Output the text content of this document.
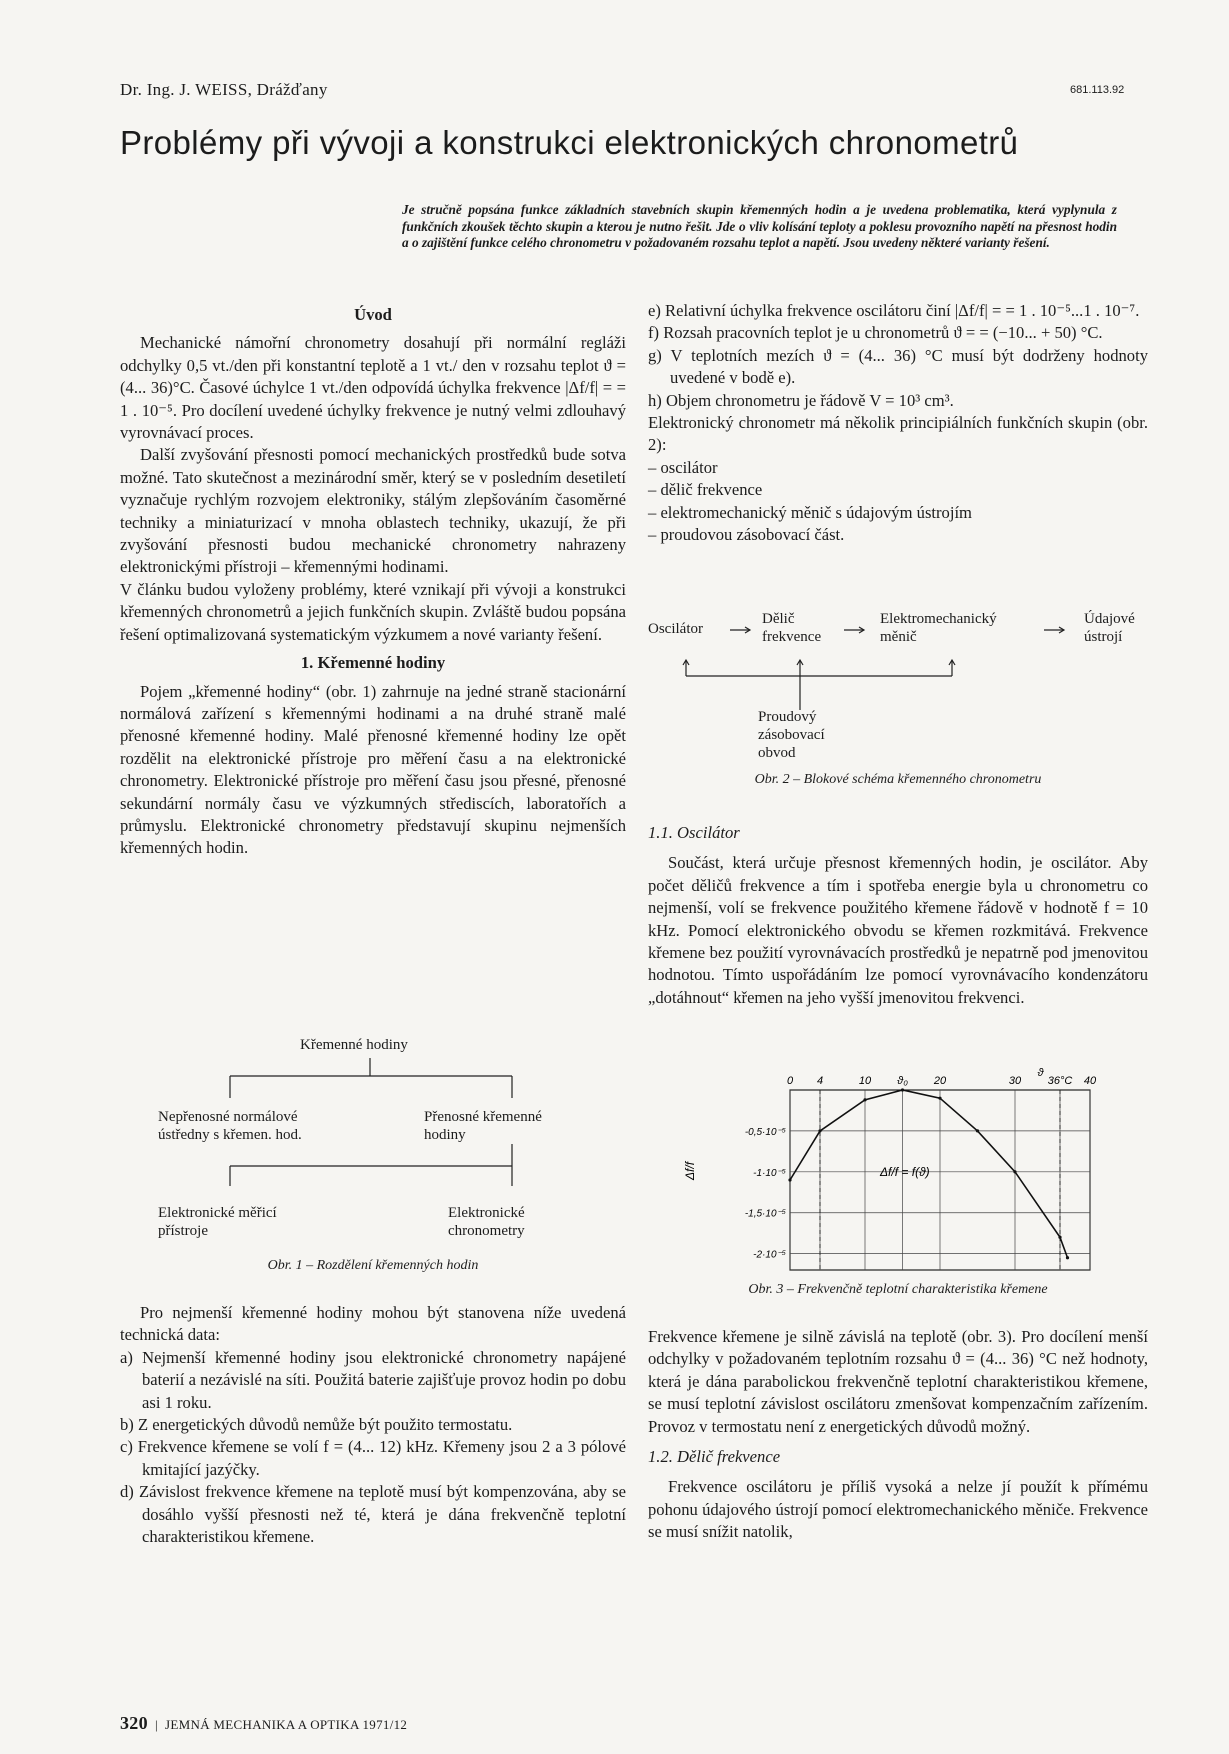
Dr. Ing. J. WEISS, Drážďany	681.113.92
Problémy při vývoji a konstrukci elektronických chronometrů
Je stručně popsána funkce základních stavebních skupin křemenných hodin a je uvedena problematika, která vyplynula z funkčních zkoušek těchto skupin a kterou je nutno řešit. Jde o vliv kolísání teploty a poklesu provozního napětí na přesnost hodin a o zajištění funkce celého chronometru v požadovaném rozsahu teplot a napětí. Jsou uvedeny některé varianty řešení.

Úvod

Mechanické námořní chronometry dosahují při normální regláži odchylky 0,5 vt./den při konstantní teplotě a 1 vt./ den v rozsahu teplot ϑ = (4... 36)°C. Časové úchylce 1 vt./den odpovídá úchylka frekvence |Δf/f| = = 1 . 10⁻⁵. Pro docílení uvedené úchylky frekvence je nutný velmi zdlouhavý vyrovnávací proces.

Další zvyšování přesnosti pomocí mechanických prostředků bude sotva možné. Tato skutečnost a mezinárodní směr, který se v posledním desetiletí vyznačuje rychlým rozvojem elektroniky, stálým zlepšováním časoměrné techniky a miniaturizací v mnoha oblastech techniky, ukazují, že při zvyšování přesnosti budou mechanické chronometry nahrazeny elektronickými přístroji – křemennými hodinami.

V článku budou vyloženy problémy, které vznikají při vývoji a konstrukci křemenných chronometrů a jejich funkčních skupin. Zvláště budou popsána řešení optimalizovaná systematickým výzkumem a nové varianty řešení.

1. Křemenné hodiny

Pojem „křemenné hodiny“ (obr. 1) zahrnuje na jedné straně stacionární normálová zařízení s křemennými hodinami a na druhé straně malé přenosné křemenné hodiny. Malé přenosné křemenné hodiny lze opět rozdělit na elektronické přístroje pro měření času a na elektronické chronometry. Elektronické přístroje pro měření času jsou přesné, přenosné sekundární normály času ve výzkumných střediscích, laboratořích a průmyslu. Elektronické chronometry představují skupinu nejmenších křemenných hodin.

Křemenné hodiny
Nepřenosné normálové
ústředny s křemen. hod.
Přenosné křemenné
hodiny
Elektronické měřicí
přístroje
Elektronické
chronometry
Obr. 1 – Rozdělení křemenných hodin

Pro nejmenší křemenné hodiny mohou být stanovena níže uvedená technická data:

a) Nejmenší křemenné hodiny jsou elektronické chronometry napájené baterií a nezávislé na síti. Použitá baterie zajišťuje provoz hodin po dobu asi 1 roku.
b) Z energetických důvodů nemůže být použito termostatu.
c) Frekvence křemene se volí f = (4... 12) kHz. Křemeny jsou 2 a 3 pólové kmitající jazýčky.
d) Závislost frekvence křemene na teplotě musí být kompenzována, aby se dosáhlo vyšší přesnosti než té, která je dána frekvenčně teplotní charakteristikou křemene.
e) Relativní úchylka frekvence oscilátoru činí |Δf/f| = = 1 . 10⁻⁵...1 . 10⁻⁷.
f) Rozsah pracovních teplot je u chronometrů ϑ = = (−10... + 50) °C.
g) V teplotních mezích ϑ = (4... 36) °C musí být dodrženy hodnoty uvedené v bodě e).
h) Objem chronometru je řádově V = 10³ cm³.

Elektronický chronometr má několik principiálních funkčních skupin (obr. 2):

– oscilátor

– dělič frekvence

– elektromechanický měnič s údajovým ústrojím

– proudovou zásobovací část.

Oscilátor
Dělič
frekvence
Elektromechanický
měnič
Údajové
ústrojí
Proudový
zásobovací
obvod
Obr. 2 – Blokové schéma křemenného chronometru

1.1. Oscilátor

Součást, která určuje přesnost křemenných hodin, je oscilátor. Aby počet děličů frekvence a tím i spotřeba energie byla u chronometru co nejmenší, volí se frekvence použitého křemene řádově v hodnotě f = 10 kHz. Pomocí elektronického obvodu se křemen rozkmitává. Frekvence křemene bez použití vyrovnávacích prostředků je nepatrně pod jmenovitou hodnotou. Tímto uspořádáním lze pomocí vyrovnávacího kondenzátoru „dotáhnout“ křemen na jeho vyšší jmenovitou frekvenci.

0 4	10 ϑ₀ 20	30 36°C 40
-0,5·10⁻⁵
-1·10⁻⁵
-1,5·10⁻⁵
-2·10⁻⁵
Δf/f
ϑ
Δf/f = f(ϑ)
Obr. 3 – Frekvenčně teplotní charakteristika křemene

Frekvence křemene je silně závislá na teplotě (obr. 3). Pro docílení menší odchylky v požadovaném teplotním rozsahu ϑ = (4... 36) °C než hodnoty, která je dána parabolickou frekvenčně teplotní charakteristikou křemene, se musí teplotní závislost oscilátoru zmenšovat kompenzačním zařízením. Provoz v termostatu není z energetických důvodů možný.

1.2. Dělič frekvence

Frekvence oscilátoru je příliš vysoká a nelze jí použít k přímému pohonu údajového ústrojí pomocí elektromechanického měniče. Frekvence se musí snížit natolik,

320  |  JEMNÁ MECHANIKA A OPTIKA 1971/12
